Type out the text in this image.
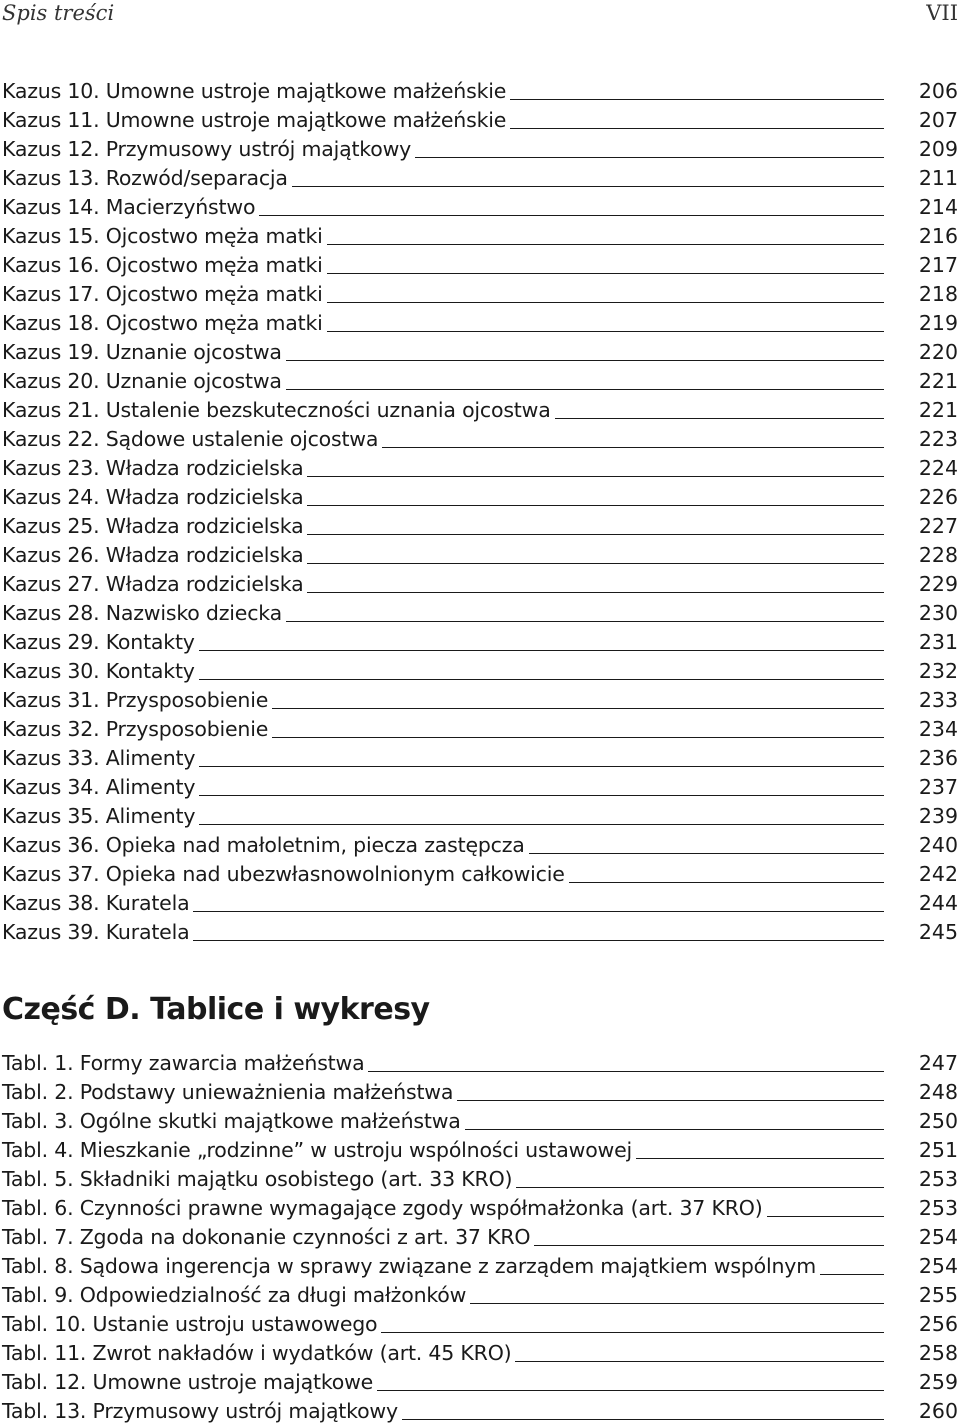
Spis treści	VII
Kazus 10. Umowne ustroje majątkowe małżeńskie	206
Kazus 11. Umowne ustroje majątkowe małżeńskie	207
Kazus 12. Przymusowy ustrój majątkowy	209
Kazus 13. Rozwód/separacja	211
Kazus 14. Macierzyństwo	214
Kazus 15. Ojcostwo męża matki	216
Kazus 16. Ojcostwo męża matki	217
Kazus 17. Ojcostwo męża matki	218
Kazus 18. Ojcostwo męża matki	219
Kazus 19. Uznanie ojcostwa	220
Kazus 20. Uznanie ojcostwa	221
Kazus 21. Ustalenie bezskuteczności uznania ojcostwa	221
Kazus 22. Sądowe ustalenie ojcostwa	223
Kazus 23. Władza rodzicielska	224
Kazus 24. Władza rodzicielska	226
Kazus 25. Władza rodzicielska	227
Kazus 26. Władza rodzicielska	228
Kazus 27. Władza rodzicielska	229
Kazus 28. Nazwisko dziecka	230
Kazus 29. Kontakty	231
Kazus 30. Kontakty	232
Kazus 31. Przysposobienie	233
Kazus 32. Przysposobienie	234
Kazus 33. Alimenty	236
Kazus 34. Alimenty	237
Kazus 35. Alimenty	239
Kazus 36. Opieka nad małoletnim, piecza zastępcza	240
Kazus 37. Opieka nad ubezwłasnowolnionym całkowicie	242
Kazus 38. Kuratela	244
Kazus 39. Kuratela	245
Część D. Tablice i wykresy
Tabl. 1. Formy zawarcia małżeństwa	247
Tabl. 2. Podstawy unieważnienia małżeństwa	248
Tabl. 3. Ogólne skutki majątkowe małżeństwa	250
Tabl. 4. Mieszkanie „rodzinne” w ustroju wspólności ustawowej	251
Tabl. 5. Składniki majątku osobistego (art. 33 KRO)	253
Tabl. 6. Czynności prawne wymagające zgody współmałżonka (art. 37 KRO)	253
Tabl. 7. Zgoda na dokonanie czynności z art. 37 KRO	254
Tabl. 8. Sądowa ingerencja w sprawy związane z zarządem majątkiem wspólnym	254
Tabl. 9. Odpowiedzialność za długi małżonków	255
Tabl. 10. Ustanie ustroju ustawowego	256
Tabl. 11. Zwrot nakładów i wydatków (art. 45 KRO)	258
Tabl. 12. Umowne ustroje majątkowe	259
Tabl. 13. Przymusowy ustrój majątkowy	260
